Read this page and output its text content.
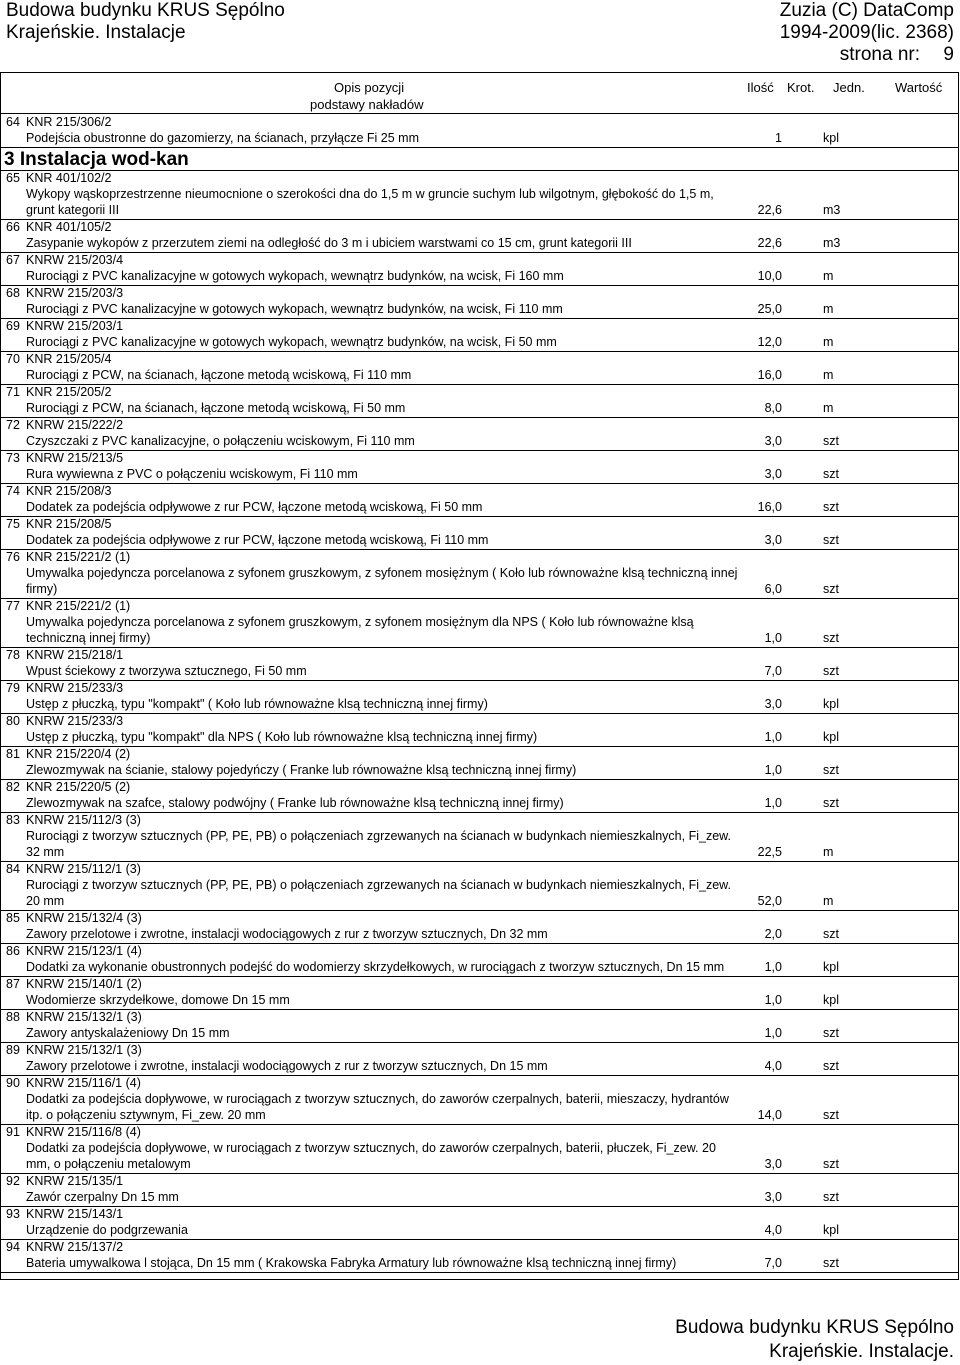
Budowa budynku KRUS Sępólno
Krajeńskie. Instalacje
Zuzia (C) DataComp
1994-2009(lic. 2368)
strona nr: 9
Opis pozycji
podstawy nakładów
Ilość Krot. Jedn. Wartość
64 KNR 215/306/2
Podejścia obustronne do gazomierzy, na ścianach, przyłącze Fi 25 mm	1	kpl
3 Instalacja wod-kan
65 KNR 401/102/2
Wykopy wąskoprzestrzenne nieumocnione o szerokości dna do 1,5 m w gruncie suchym lub wilgotnym, głębokość do 1,5 m, grunt kategorii III	22,6	m3
66 KNR 401/105/2
Zasypanie wykopów z przerzutem ziemi na odległość do 3 m i ubiciem warstwami co 15 cm, grunt kategorii III	22,6	m3
67 KNRW 215/203/4
Rurociągi z PVC kanalizacyjne w gotowych wykopach, wewnątrz budynków, na wcisk, Fi 160 mm	10,0	m
68 KNRW 215/203/3
Rurociągi z PVC kanalizacyjne w gotowych wykopach, wewnątrz budynków, na wcisk, Fi 110 mm	25,0	m
69 KNRW 215/203/1
Rurociągi z PVC kanalizacyjne w gotowych wykopach, wewnątrz budynków, na wcisk, Fi 50 mm	12,0	m
70 KNR 215/205/4
Rurociągi z PCW, na ścianach, łączone metodą wciskową, Fi 110 mm	16,0	m
71 KNR 215/205/2
Rurociągi z PCW, na ścianach, łączone metodą wciskową, Fi 50 mm	8,0	m
72 KNRW 215/222/2
Czyszczaki z PVC kanalizacyjne, o połączeniu wciskowym, Fi 110 mm	3,0	szt
73 KNRW 215/213/5
Rura wywiewna z PVC o połączeniu wciskowym, Fi 110 mm	3,0	szt
74 KNR 215/208/3
Dodatek za podejścia odpływowe z rur PCW, łączone metodą wciskową, Fi 50 mm	16,0	szt
75 KNR 215/208/5
Dodatek za podejścia odpływowe z rur PCW, łączone metodą wciskową, Fi 110 mm	3,0	szt
76 KNR 215/221/2 (1)
Umywalka pojedyncza porcelanowa z syfonem gruszkowym, z syfonem mosiężnym ( Koło lub równoważne klsą techniczną innej firmy)	6,0	szt
77 KNR 215/221/2 (1)
Umywalka pojedyncza porcelanowa z syfonem gruszkowym, z syfonem mosiężnym dla NPS ( Koło lub równoważne klsą techniczną innej firmy)	1,0	szt
78 KNRW 215/218/1
Wpust ściekowy z tworzywa sztucznego, Fi 50 mm	7,0	szt
79 KNRW 215/233/3
Ustęp z płuczką, typu "kompakt" ( Koło lub równoważne klsą techniczną innej firmy)	3,0	kpl
80 KNRW 215/233/3
Ustęp z płuczką, typu "kompakt" dla NPS ( Koło lub równoważne klsą techniczną innej firmy)	1,0	kpl
81 KNR 215/220/4 (2)
Zlewozmywak na ścianie, stalowy pojedyńczy ( Franke lub równoważne klsą techniczną innej firmy)	1,0	szt
82 KNR 215/220/5 (2)
Zlewozmywak na szafce, stalowy podwójny ( Franke lub równoważne klsą techniczną innej firmy)	1,0	szt
83 KNRW 215/112/3 (3)
Rurociągi z tworzyw sztucznych (PP, PE, PB) o połączeniach zgrzewanych na ścianach w budynkach niemieszkalnych, Fi_zew. 32 mm	22,5	m
84 KNRW 215/112/1 (3)
Rurociągi z tworzyw sztucznych (PP, PE, PB) o połączeniach zgrzewanych na ścianach w budynkach niemieszkalnych, Fi_zew. 20 mm	52,0	m
85 KNRW 215/132/4 (3)
Zawory przelotowe i zwrotne, instalacji wodociągowych z rur z tworzyw sztucznych, Dn 32 mm	2,0	szt
86 KNRW 215/123/1 (4)
Dodatki za wykonanie obustronnych podejść do wodomierzy skrzydełkowych, w rurociągach z tworzyw sztucznych, Dn 15 mm	1,0	kpl
87 KNRW 215/140/1 (2)
Wodomierze skrzydełkowe, domowe Dn 15 mm	1,0	kpl
88 KNRW 215/132/1 (3)
Zawory antyskalażeniowy Dn 15 mm	1,0	szt
89 KNRW 215/132/1 (3)
Zawory przelotowe i zwrotne, instalacji wodociągowych z rur z tworzyw sztucznych, Dn 15 mm	4,0	szt
90 KNRW 215/116/1 (4)
Dodatki za podejścia dopływowe, w rurociągach z tworzyw sztucznych, do zaworów czerpalnych, baterii, mieszaczy, hydrantów itp. o połączeniu sztywnym, Fi_zew. 20 mm	14,0	szt
91 KNRW 215/116/8 (4)
Dodatki za podejścia dopływowe, w rurociągach z tworzyw sztucznych, do zaworów czerpalnych, baterii, płuczek, Fi_zew. 20 mm, o połączeniu metalowym	3,0	szt
92 KNRW 215/135/1
Zawór czerpalny Dn 15 mm	3,0	szt
93 KNRW 215/143/1
Urządzenie do podgrzewania	4,0	kpl
94 KNRW 215/137/2
Bateria umywalkowa l stojąca, Dn 15 mm ( Krakowska Fabryka Armatury lub równoważne klsą techniczną innej firmy)	7,0	szt
Budowa budynku KRUS Sępólno
Krajeńskie. Instalacje.
